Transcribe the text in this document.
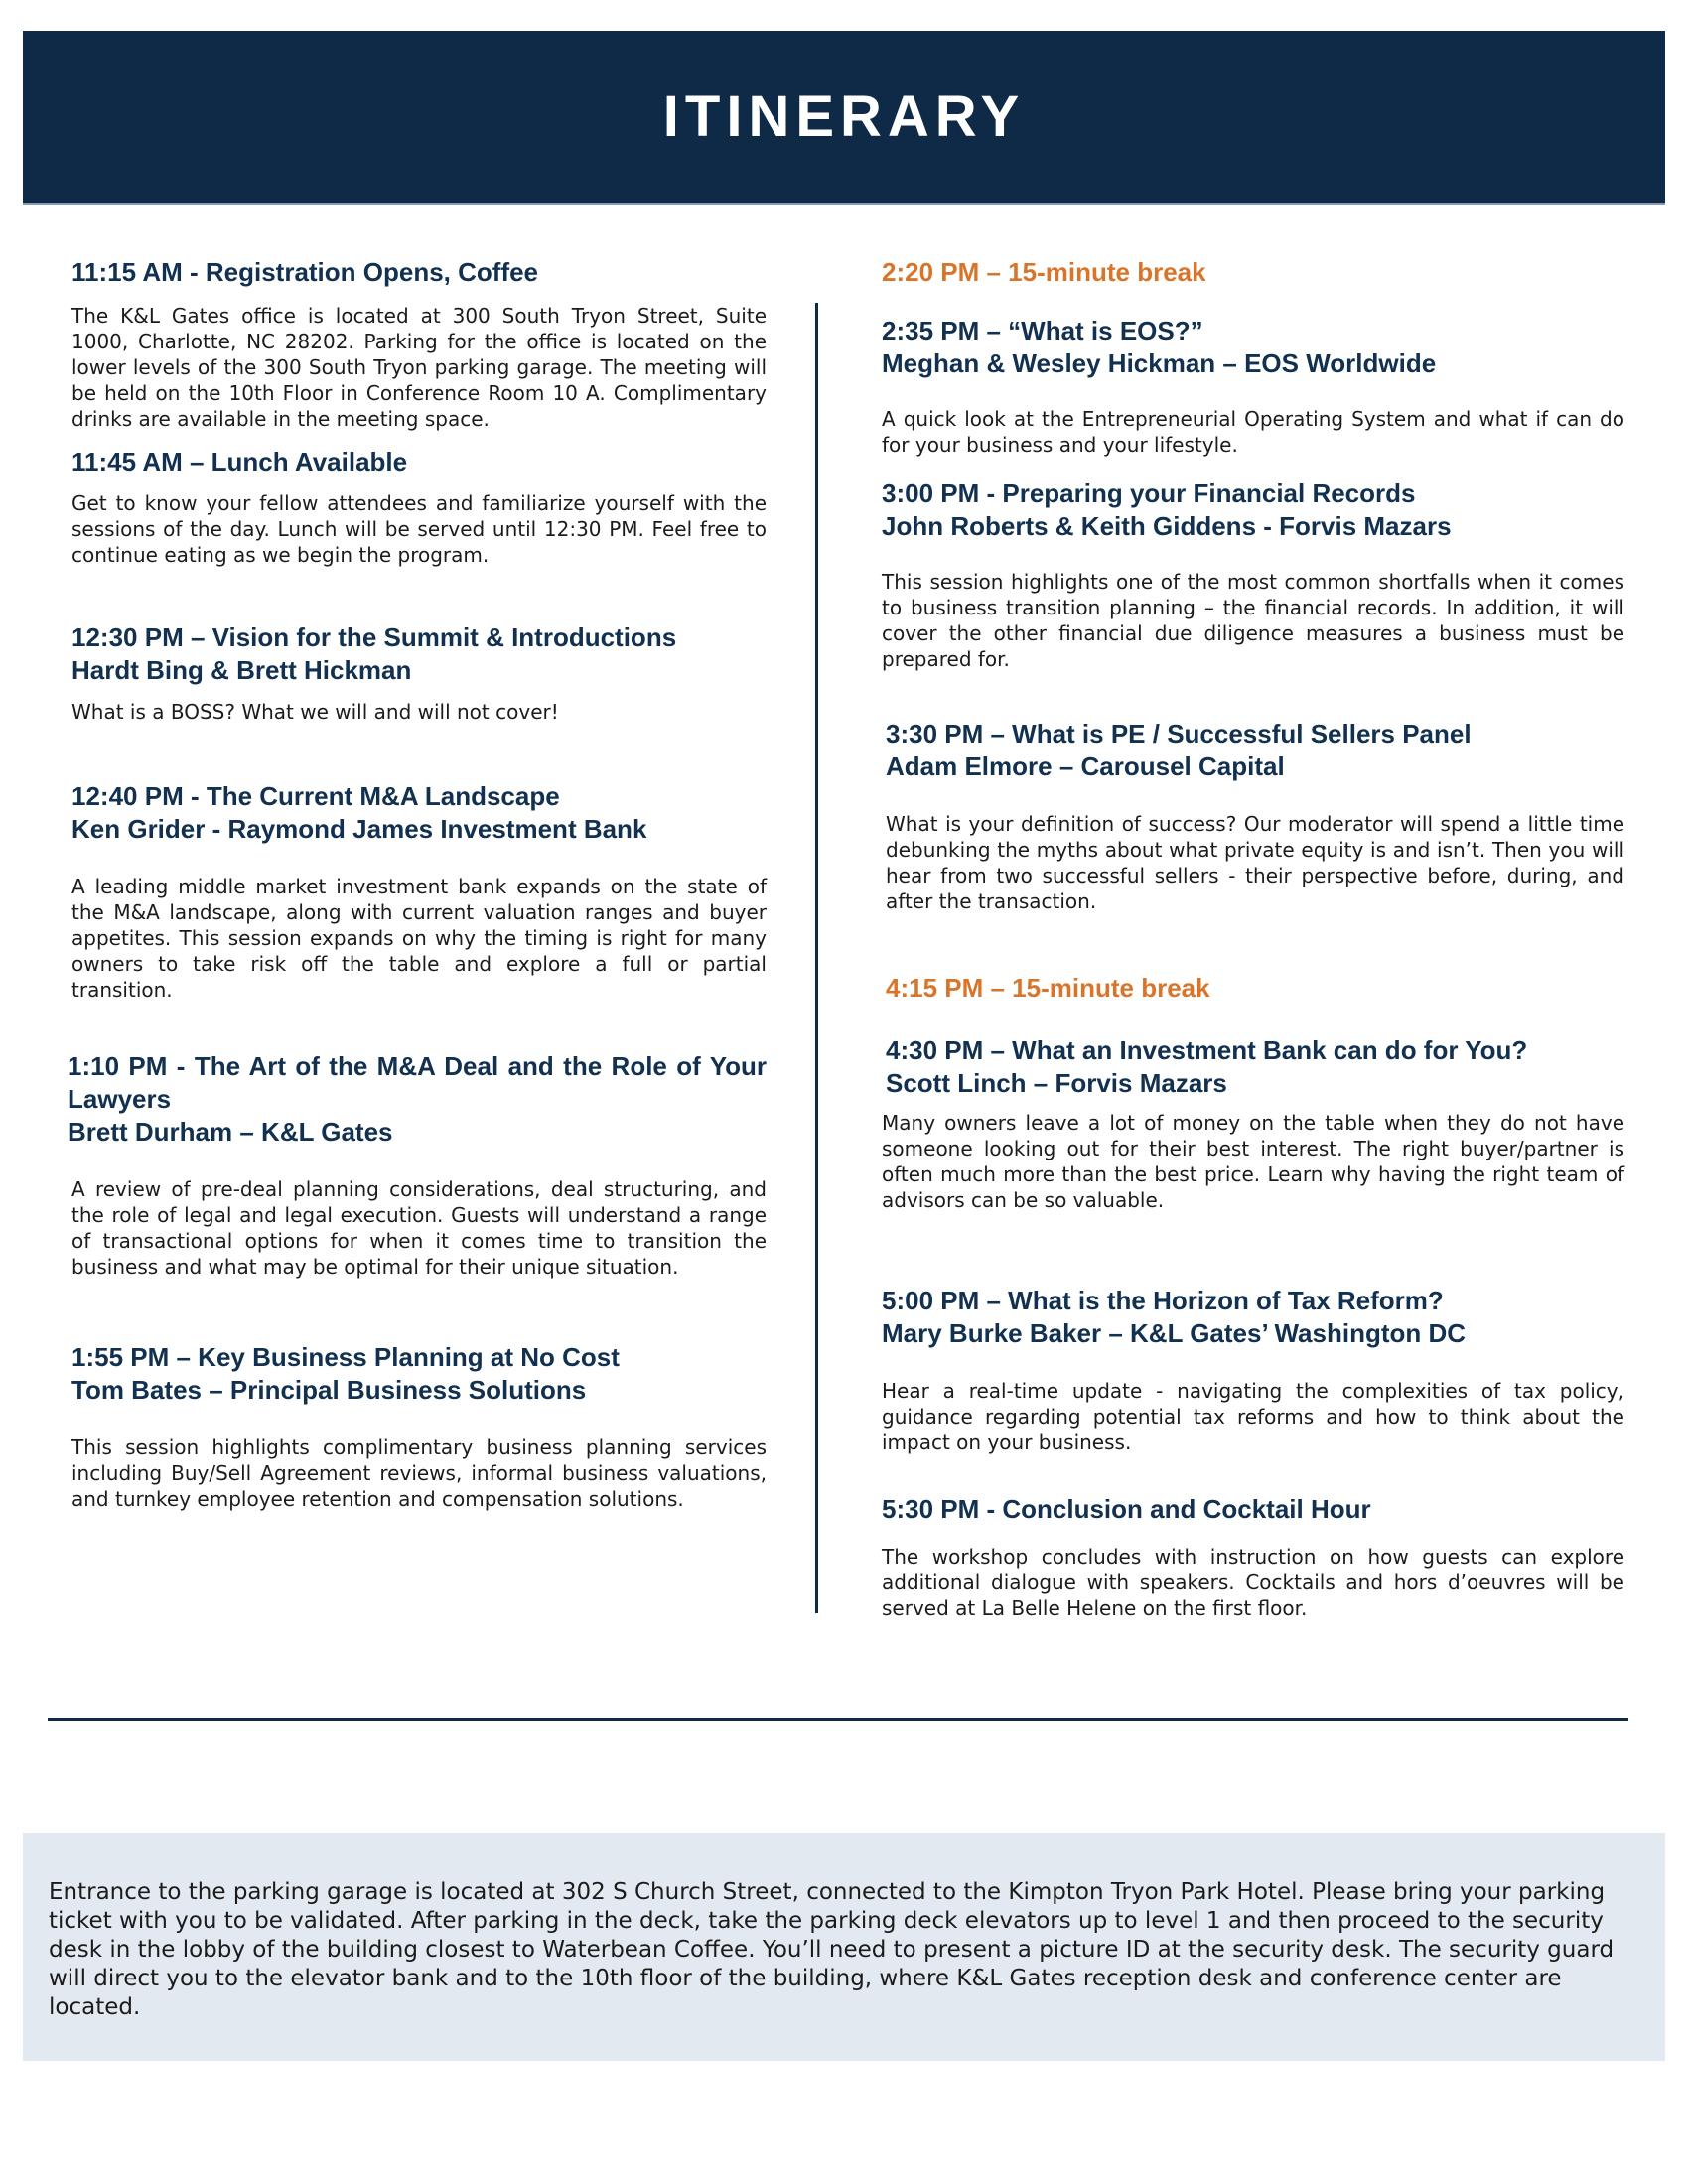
ITINERARY
11:15 AM - Registration Opens, Coffee

The K&L Gates office is located at 300 South Tryon Street, Suite 1000, Charlotte, NC 28202. Parking for the office is located on the lower levels of the 300 South Tryon parking garage. The meeting will be held on the 10th Floor in Conference Room 10 A. Complimentary drinks are available in the meeting space.

11:45 AM – Lunch Available

Get to know your fellow attendees and familiarize yourself with the sessions of the day. Lunch will be served until 12:30 PM. Feel free to continue eating as we begin the program.

12:30 PM – Vision for the Summit & Introductions
Hardt Bing & Brett Hickman

What is a BOSS? What we will and will not cover!

12:40 PM - The Current M&A Landscape
Ken Grider - Raymond James Investment Bank

A leading middle market investment bank expands on the state of the M&A landscape, along with current valuation ranges and buyer appetites. This session expands on why the timing is right for many owners to take risk off the table and explore a full or partial transition.

1:10 PM - The Art of the M&A Deal and the Role of Your Lawyers
Brett Durham – K&L Gates

A review of pre-deal planning considerations, deal structuring, and the role of legal and legal execution. Guests will understand a range of transactional options for when it comes time to transition the business and what may be optimal for their unique situation.

1:55 PM – Key Business Planning at No Cost
Tom Bates – Principal Business Solutions

This session highlights complimentary business planning services including Buy/Sell Agreement reviews, informal business valuations, and turnkey employee retention and compensation solutions.

2:20 PM – 15-minute break
2:35 PM – “What is EOS?”
Meghan & Wesley Hickman – EOS Worldwide

A quick look at the Entrepreneurial Operating System and what if can do for your business and your lifestyle.

3:00 PM - Preparing your Financial Records
John Roberts & Keith Giddens - Forvis Mazars

This session highlights one of the most common shortfalls when it comes to business transition planning – the financial records. In addition, it will cover the other financial due diligence measures a business must be prepared for.

3:30 PM – What is PE / Successful Sellers Panel
Adam Elmore – Carousel Capital

What is your definition of success? Our moderator will spend a little time debunking the myths about what private equity is and isn’t. Then you will hear from two successful sellers - their perspective before, during, and after the transaction.

4:15 PM – 15-minute break
4:30 PM – What an Investment Bank can do for You?
Scott Linch – Forvis Mazars

Many owners leave a lot of money on the table when they do not have someone looking out for their best interest. The right buyer/partner is often much more than the best price. Learn why having the right team of advisors can be so valuable.

5:00 PM – What is the Horizon of Tax Reform?
Mary Burke Baker – K&L Gates’ Washington DC

Hear a real-time update - navigating the complexities of tax policy, guidance regarding potential tax reforms and how to think about the impact on your business.

5:30 PM - Conclusion and Cocktail Hour

The workshop concludes with instruction on how guests can explore additional dialogue with speakers. Cocktails and hors d’oeuvres will be served at La Belle Helene on the first floor.

Entrance to the parking garage is located at 302 S Church Street, connected to the Kimpton Tryon Park Hotel. Please bring your parking ticket with you to be validated. After parking in the deck, take the parking deck elevators up to level 1 and then proceed to the security desk in the lobby of the building closest to Waterbean Coffee. You’ll need to present a picture ID at the security desk. The security guard will direct you to the elevator bank and to the 10th floor of the building, where K&L Gates reception desk and conference center are located.
